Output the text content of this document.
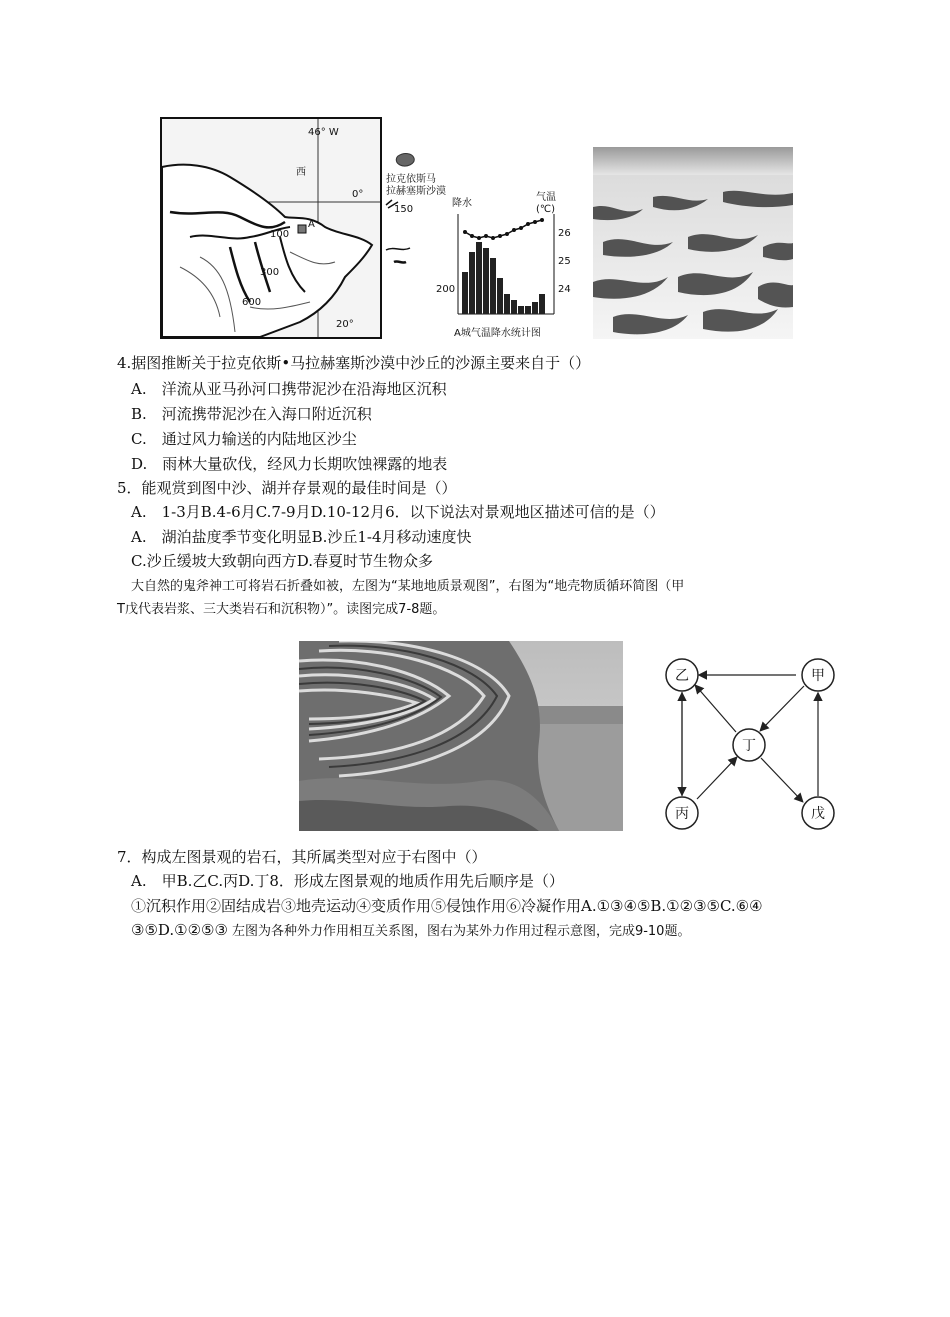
46° W
西
0°
20°
300
600
A
100
拉克依斯马
拉赫塞斯沙漠
150
降水
气温
(℃)
200
26
25
24
A城气温降水统计图
4.据图推断关于拉克依斯•马拉赫塞斯沙漠中沙丘的沙源主要来自于（）
A.　洋流从亚马孙河口携带泥沙在沿海地区沉积
B.　河流携带泥沙在入海口附近沉积
C.　通过风力输送的内陆地区沙尘
D.　雨林大量砍伐，经风力长期吹蚀裸露的地表
5．能观赏到图中沙、湖并存景观的最佳时间是（）
A.　1-3月B.4-6月C.7-9月D.10-12月6．以下说法对景观地区描述可信的是（）
A.　湖泊盐度季节变化明显B.沙丘1-4月移动速度快
C.沙丘缓坡大致朝向西方D.春夏时节生物众多
大自然的鬼斧神工可将岩石折叠如被，左图为“某地地质景观图”，右图为“地壳物质循环简图（甲
T戊代表岩浆、三大类岩石和沉积物）”。读图完成7-8题。
乙	甲
丁
丙	戊
7．构成左图景观的岩石，其所属类型对应于右图中（）
A.　甲B.乙C.丙D.丁8．形成左图景观的地质作用先后顺序是（）
①沉积作用②固结成岩③地壳运动④变质作用⑤侵蚀作用⑥冷凝作用A.①③④⑤B.①②③⑤C.⑥④
③⑤D.①②⑤③ 左图为各种外力作用相互关系图，图右为某外力作用过程示意图，完成9-10题。
